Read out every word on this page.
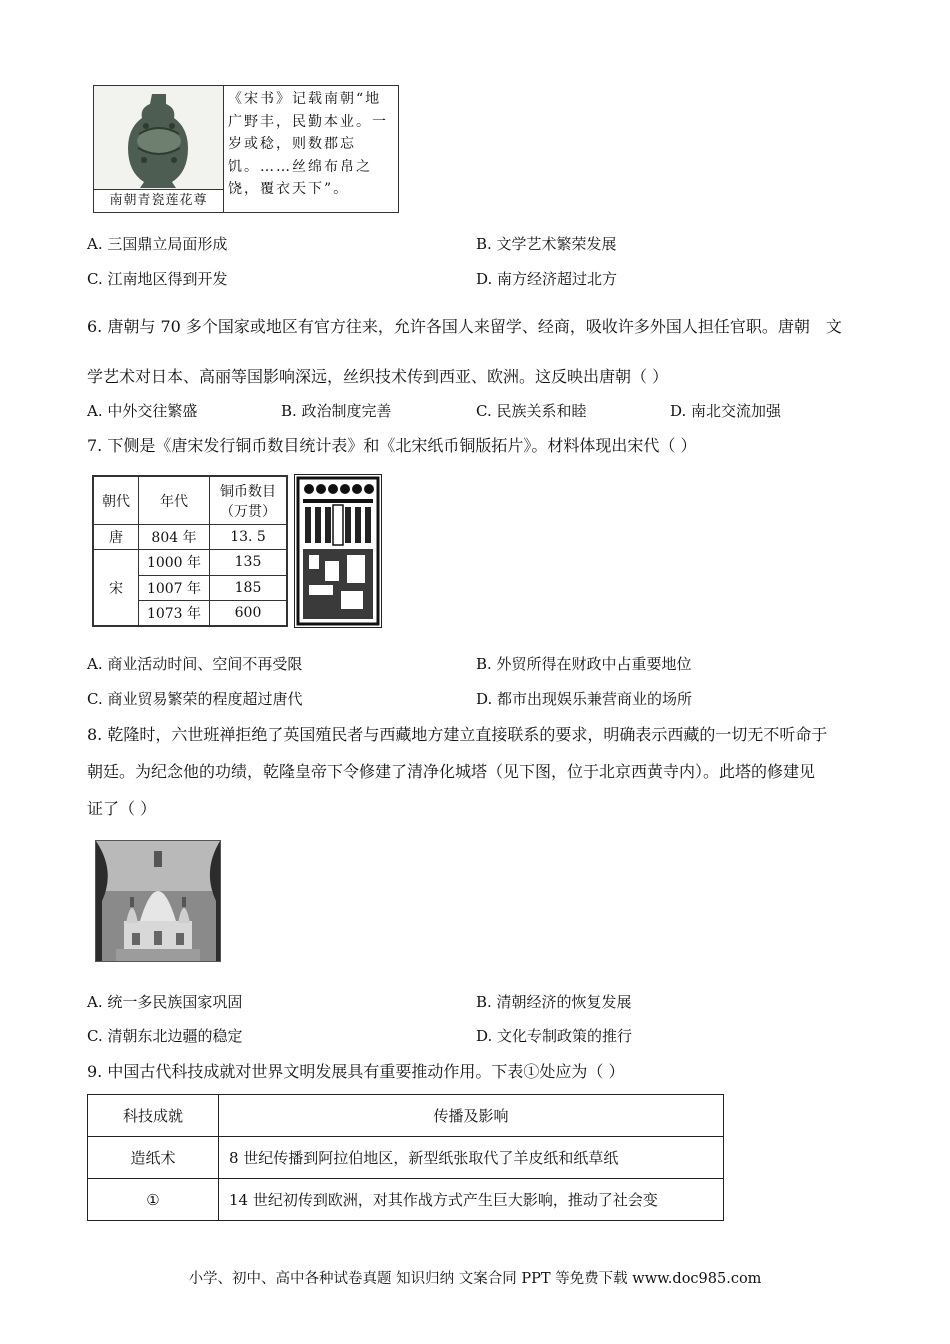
南朝青瓷莲花尊
《宋书》记载南朝“地广野丰，民勤本业。一岁或稔，则数郡忘饥。……丝绵布帛之饶，覆衣天下”。
A. 三国鼎立局面形成	B. 文学艺术繁荣发展
C. 江南地区得到开发	D. 南方经济超过北方
6. 唐朝与 70 多个国家或地区有官方往来，允许各国人来留学、经商，吸收许多外国人担任官职。唐朝　文
学艺术对日本、高丽等国影响深远，丝织技术传到西亚、欧洲。这反映出唐朝（ ）
A. 中外交往繁盛	B. 政治制度完善	C. 民族关系和睦	D. 南北交流加强
7. 下侧是《唐宋发行铜币数目统计表》和《北宋纸币铜版拓片》。材料体现出宋代（ ）
朝代	年代	铜币数目
（万贯）

唐	804 年	13. 5
宋	1000 年	135
	1007 年	185
	1073 年	600
A. 商业活动时间、空间不再受限	B. 外贸所得在财政中占重要地位
C. 商业贸易繁荣的程度超过唐代	D. 都市出现娱乐兼营商业的场所
8. 乾隆时，六世班禅拒绝了英国殖民者与西藏地方建立直接联系的要求，明确表示西藏的一切无不听命于
朝廷。为纪念他的功绩，乾隆皇帝下令修建了清净化城塔（见下图，位于北京西黄寺内）。此塔的修建见
证了（ ）
A. 统一多民族国家巩固	B. 清朝经济的恢复发展
C. 清朝东北边疆的稳定	D. 文化专制政策的推行
9. 中国古代科技成就对世界文明发展具有重要推动作用。下表①处应为（ ）
科技成就	传播及影响
造纸术	8 世纪传播到阿拉伯地区，新型纸张取代了羊皮纸和纸草纸
①	14 世纪初传到欧洲，对其作战方式产生巨大影响，推动了社会变
小学、初中、高中各种试卷真题 知识归纳 文案合同 PPT 等免费下载 www.doc985.com
